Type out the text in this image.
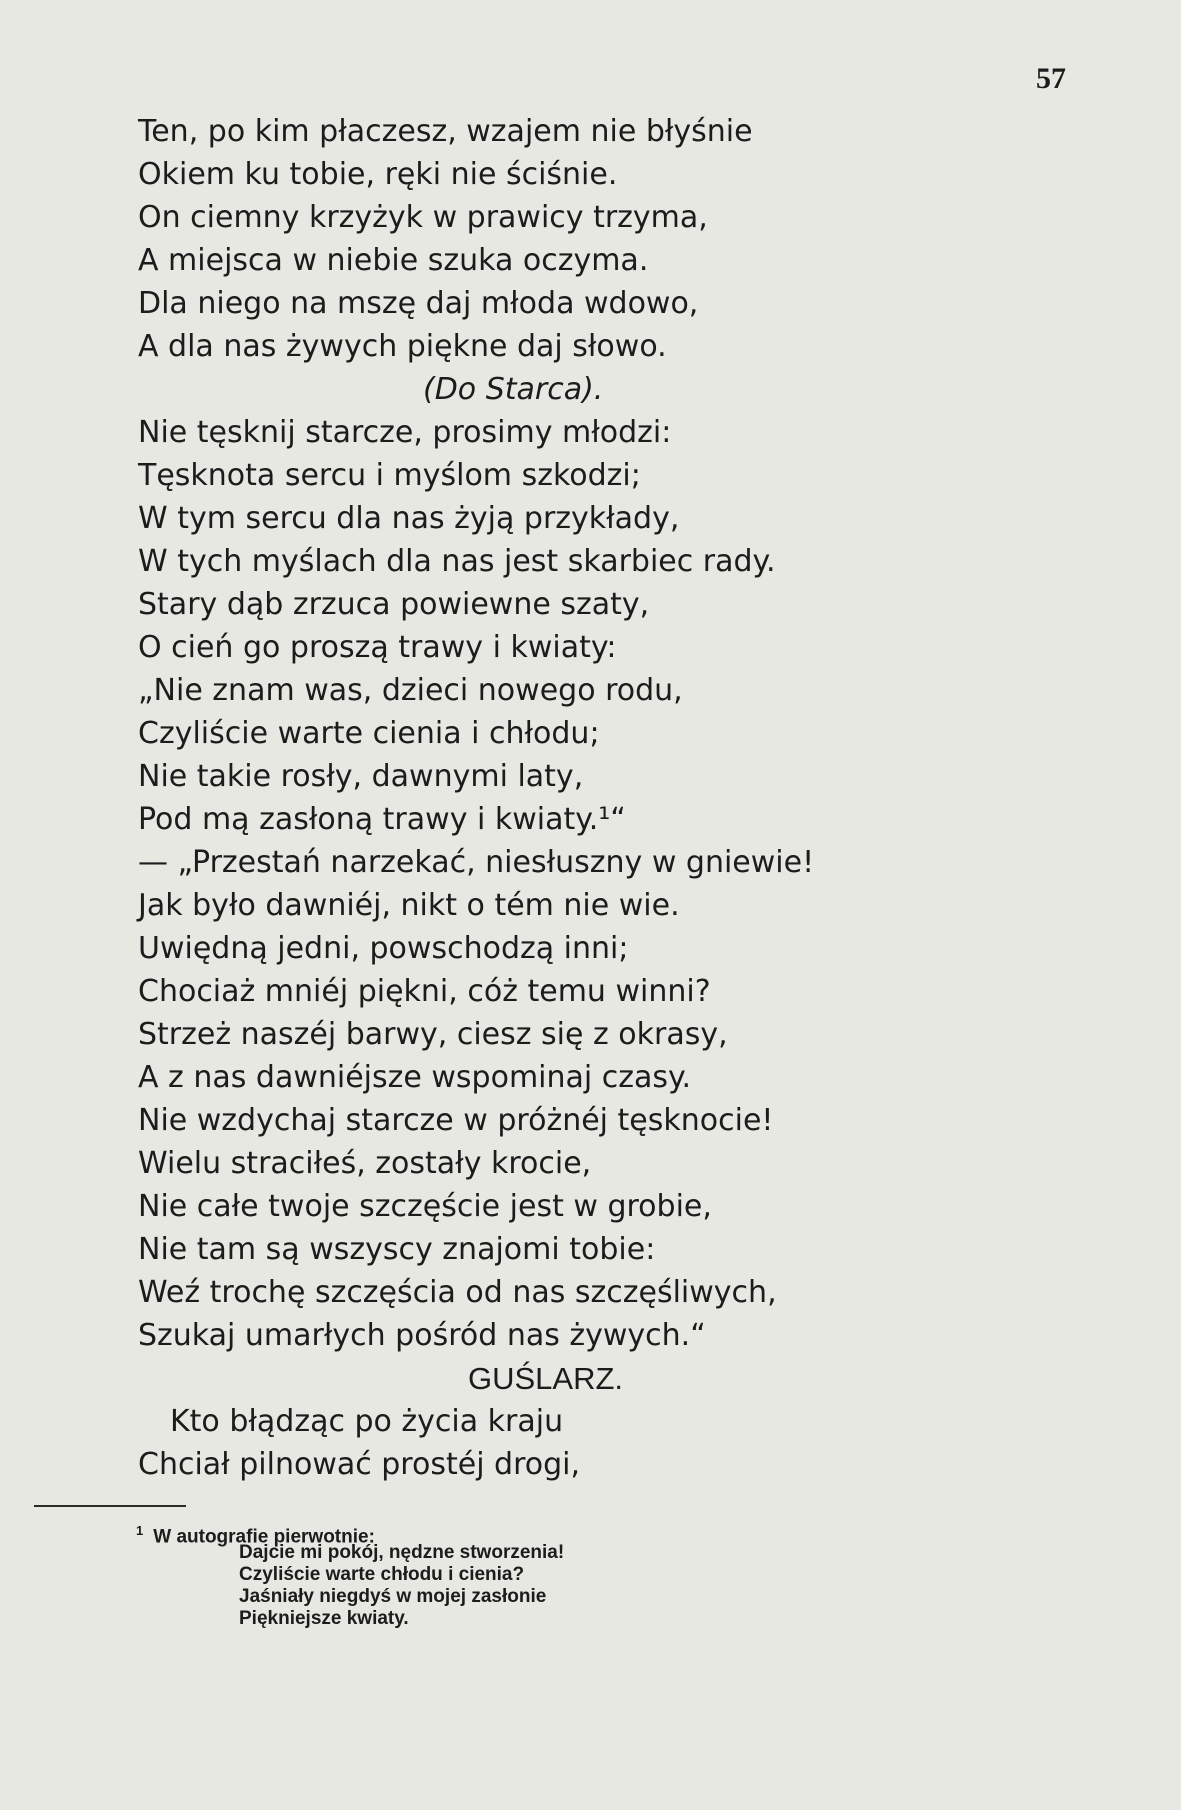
57
Ten, po kim płaczesz, wzajem nie błyśnie
Okiem ku tobie, ręki nie ściśnie.
On ciemny krzyżyk w prawicy trzyma,
A miejsca w niebie szuka oczyma.
Dla niego na mszę daj młoda wdowo,
A dla nas żywych piękne daj słowo.
(Do Starca).
Nie tęsknij starcze, prosimy młodzi:
Tęsknota sercu i myślom szkodzi;
W tym sercu dla nas żyją przykłady,
W tych myślach dla nas jest skarbiec rady.
Stary dąb zrzuca powiewne szaty,
O cień go proszą trawy i kwiaty:
„Nie znam was, dzieci nowego rodu,
Czyliście warte cienia i chłodu;
Nie takie rosły, dawnymi laty,
Pod mą zasłoną trawy i kwiaty.¹“
— „Przestań narzekać, niesłuszny w gniewie!
Jak było dawniéj, nikt o tém nie wie.
Uwiędną jedni, powschodzą inni;
Chociaż mniéj piękni, cóż temu winni?
Strzeż naszéj barwy, ciesz się z okrasy,
A z nas dawniéjsze wspominaj czasy.
Nie wzdychaj starcze w próżnéj tęsknocie!
Wielu straciłeś, zostały krocie,
Nie całe twoje szczęście jest w grobie,
Nie tam są wszyscy znajomi tobie:
Weź trochę szczęścia od nas szczęśliwych,
Szukaj umarłych pośród nas żywych.“
GUŚLARZ.
Kto błądząc po życia kraju
Chciał pilnować prostéj drogi,
$^1$ W autografie pierwotnie:
Dajcie mi pokój, nędzne stworzenia!
Czyliście warte chłodu i cienia?
Jaśniały niegdyś w mojej zasłonie
Piękniejsze kwiaty.
